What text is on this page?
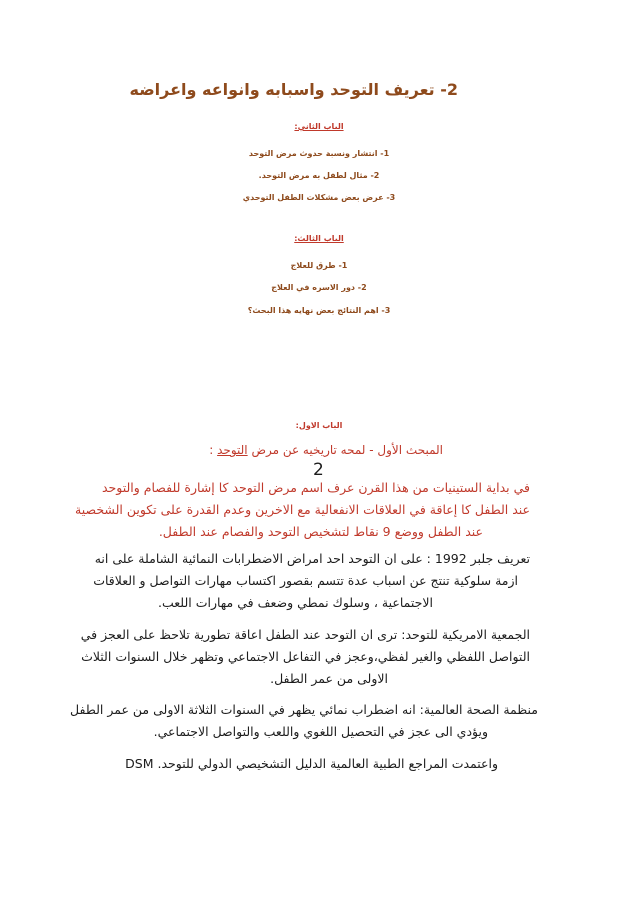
2- تعريف التوحد واسبابه وانواعه واعراضه
الباب الثاني:
1- انتشار ونسبة حدوث مرض التوحد
2- مثال لطفل به مرض التوحد.
3- عرض بعض مشكلات الطفل التوحدي
الباب الثالث:
1- طرق للعلاج
2- دور الاسره في العلاج
3- اهم النتائج بعض نهايه هذا البحث؟
الباب الاول:
المبحث الأول - لمحه تاريخيه عن مرض التوحد :
2
في بداية الستينيات من هذا القرن عرف اسم مرض التوحد كا إشارة للفصام والتوحد
عند الطفل كا إعاقة في العلاقات الانفعالية مع الاخرين وعدم القدرة على تكوين الشخصية
عند الطفل ووضع 9 نقاط لتشخيص التوحد والفصام عند الطفل.
تعريف جلبر 1992 : على ان التوحد احد امراض الاضطرابات النمائية الشاملة على انه
ازمة سلوكية تنتج عن اسباب عدة تتسم بقصور اكتساب مهارات التواصل و العلاقات
الاجتماعية ، وسلوك نمطي وضعف في مهارات اللعب.
الجمعية الامريكية للتوحد: ترى ان التوحد عند الطفل اعاقة تطورية تلاحظ على العجز في
التواصل اللفظي والغير لفظي،وعجز في التفاعل الاجتماعي وتظهر خلال السنوات الثلاث
الاولى من عمر الطفل.
منظمة الصحة العالمية: انه اضطراب نمائي يظهر في السنوات الثلاثة الاولى من عمر الطفل
ويؤدي الى عجز في التحصيل اللغوي واللعب والتواصل الاجتماعي.
واعتمدت المراجع الطبية العالمية الدليل التشخيصي الدولي للتوحد. DSM
